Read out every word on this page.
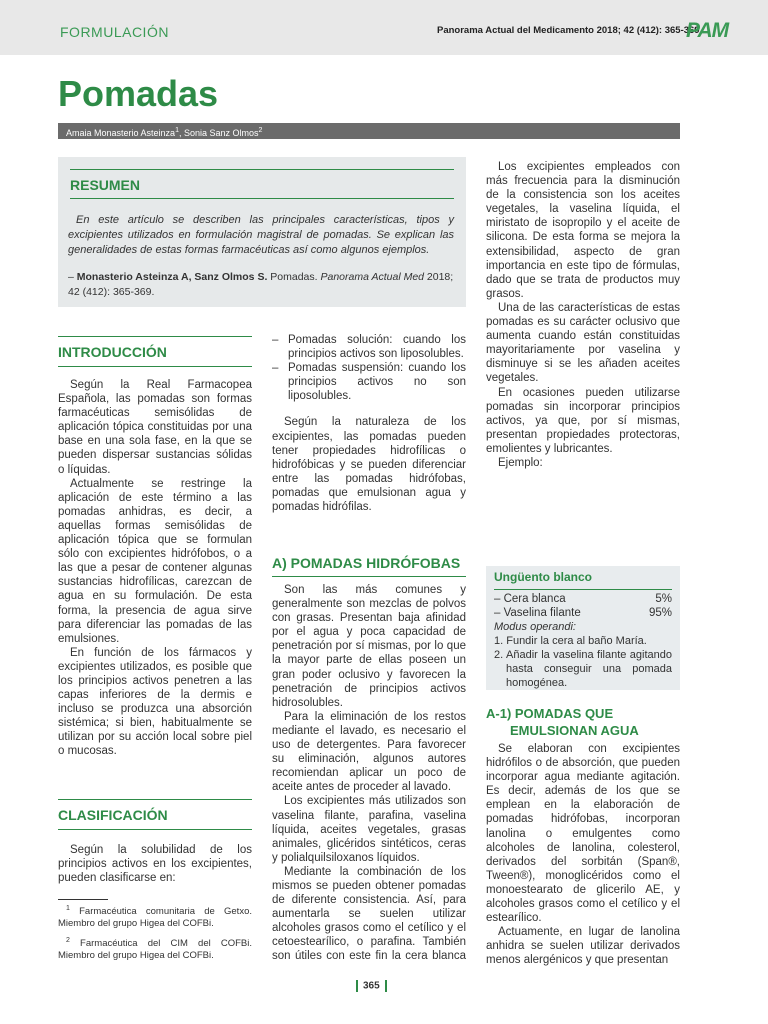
FORMULACIÓN	Panorama Actual del Medicamento 2018; 42 (412): 365-369
PAM
Pomadas
Amaia Monasterio Asteinza$^1$, Sonia Sanz Olmos$^2$
RESUMEN
En este artículo se describen las principales características, tipos y excipientes utilizados en formulación magistral de pomadas. Se explican las generalidades de estas formas farmacéuticas así como algunos ejemplos.
– Monasterio Asteinza A, Sanz Olmos S. Pomadas. Panorama Actual Med 2018; 42 (412): 365-369.
INTRODUCCIÓN

Según la Real Farmacopea Española, las pomadas son formas farmacéuticas semisólidas de aplicación tópica constituidas por una base en una sola fase, en la que se pueden dispersar sustancias sólidas o líquidas.

Actualmente se restringe la aplicación de este término a las pomadas anhidras, es decir, a aquellas formas semisólidas de aplicación tópica que se formulan sólo con excipientes hidrófobos, o a las que a pesar de contener algunas sustancias hidrofílicas, carezcan de agua en su formulación. De esta forma, la presencia de agua sirve para diferenciar las pomadas de las emulsiones.

En función de los fármacos y excipientes utilizados, es posible que los principios activos penetren a las capas inferiores de la dermis e incluso se produzca una absorción sistémica; si bien, habitualmente se utilizan por su acción local sobre piel o mucosas.

CLASIFICACIÓN

Según la solubilidad de los principios activos en los excipientes, pueden clasificarse en:

$^1$ Farmacéutica comunitaria de Getxo. Miembro del grupo Higea del COFBi.

$^2$ Farmacéutica del CIM del COFBi. Miembro del grupo Higea del COFBi.

– Pomadas solución: cuando los principios activos son liposolubles.

– Pomadas suspensión: cuando los principios activos no son liposolubles.

Según la naturaleza de los excipientes, las pomadas pueden tener propiedades hidrofílicas o hidrofóbicas y se pueden diferenciar entre las pomadas hidrófobas, pomadas que emulsionan agua y pomadas hidrófilas.

A) POMADAS HIDRÓFOBAS

Son las más comunes y generalmente son mezclas de polvos con grasas. Presentan baja afinidad por el agua y poca capacidad de penetración por sí mismas, por lo que la mayor parte de ellas poseen un gran poder oclusivo y favorecen la penetración de principios activos hidrosolubles.

Para la eliminación de los restos mediante el lavado, es necesario el uso de detergentes. Para favorecer su eliminación, algunos autores recomiendan aplicar un poco de aceite antes de proceder al lavado.

Los excipientes más utilizados son vaselina filante, parafina, vaselina líquida, aceites vegetales, grasas animales, glicéridos sintéticos, ceras y polialquilsiloxanos líquidos.

Mediante la combinación de los mismos se pueden obtener pomadas de diferente consistencia. Así, para aumentarla se suelen utilizar alcoholes grasos como el cetílico y el cetoestearílico, o parafina. También son útiles con este fin la cera blanca

Los excipientes empleados con más frecuencia para la disminución de la consistencia son los aceites vegetales, la vaselina líquida, el miristato de isopropilo y el aceite de silicona. De esta forma se mejora la extensibilidad, aspecto de gran importancia en este tipo de fórmulas, dado que se trata de productos muy grasos.

Una de las características de estas pomadas es su carácter oclusivo que aumenta cuando están constituidas mayoritariamente por vaselina y disminuye si se les añaden aceites vegetales.

En ocasiones pueden utilizarse pomadas sin incorporar principios activos, ya que, por sí mismas, presentan propiedades protectoras, emolientes y lubricantes.

Ejemplo:

Ungüento blanco
– Cera blanca	5%
– Vaselina filante	95%
Modus operandi:
1. Fundir la cera al baño María.
2. Añadir la vaselina filante agitando hasta conseguir una pomada homogénea.
A-1) POMADAS QUE
EMULSIONAN AGUA

Se elaboran con excipientes hidrófilos o de absorción, que pueden incorporar agua mediante agitación. Es decir, además de los que se emplean en la elaboración de pomadas hidrófobas, incorporan lanolina o emulgentes como alcoholes de lanolina, colesterol, derivados del sorbitán (Span®, Tween®), monoglicéridos como el monoestearato de glicerilo AE, y alcoholes grasos como el cetílico y el estearílico.

Actuamente, en lugar de lanolina anhidra se suelen utilizar derivados menos alergénicos y que presentan

365
